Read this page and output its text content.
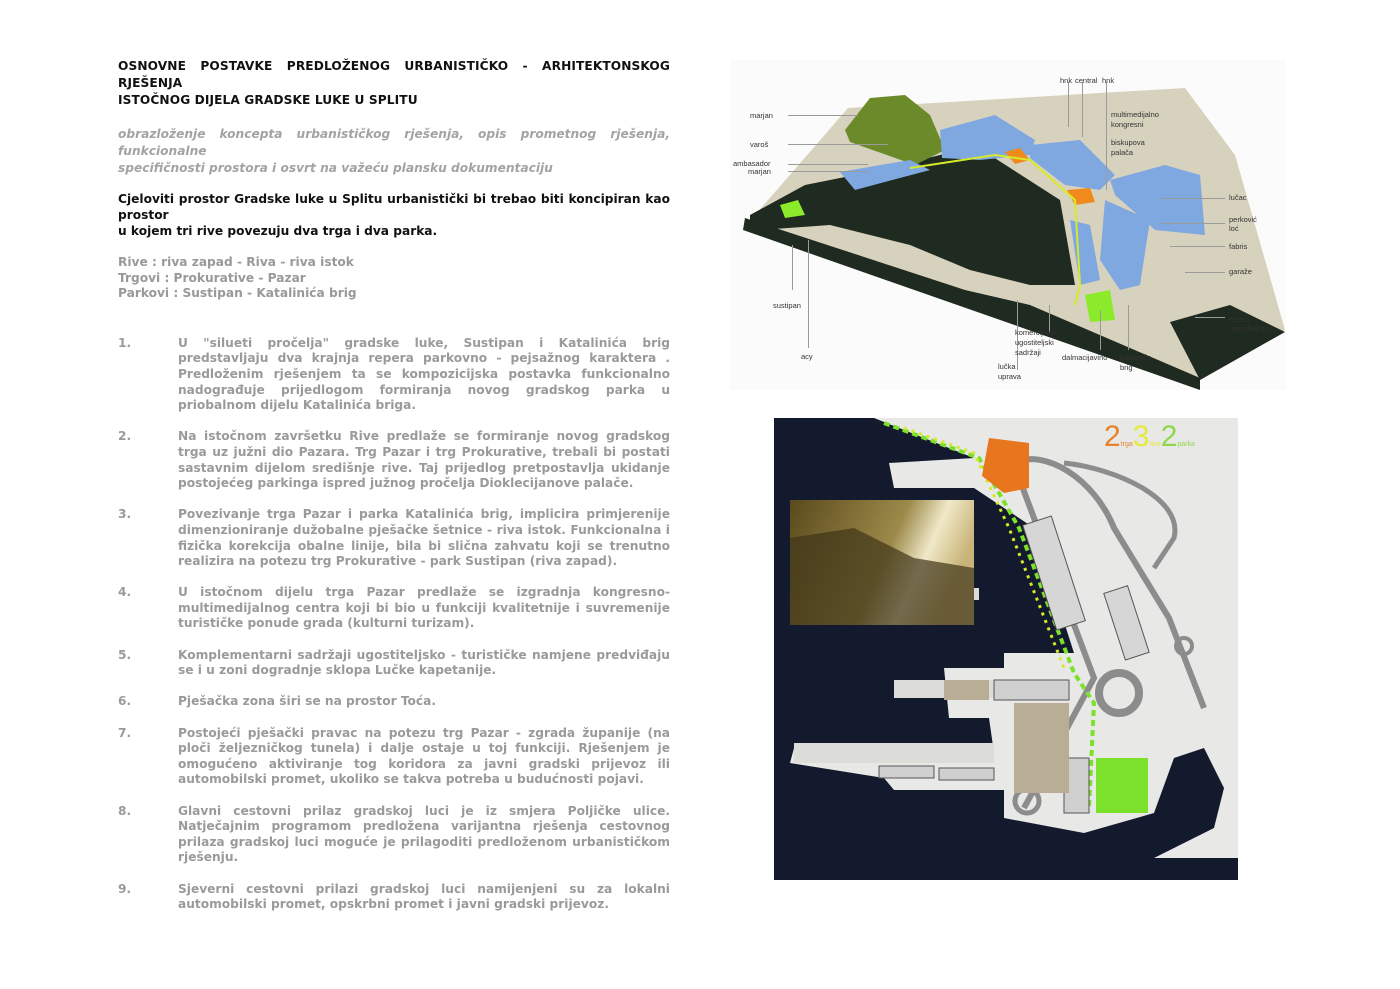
OSNOVNE POSTAVKE PREDLOŽENOG URBANISTIČKO - ARHITEKTONSKOG RJEŠENJA
ISTOČNOG DIJELA GRADSKE LUKE U SPLITU
obrazloženje koncepta urbanističkog rješenja, opis prometnog rješenja, funkcionalne
specifičnosti prostora i osvrt na važeću plansku dokumentaciju
Cjeloviti prostor Gradske luke u Splitu urbanistički bi trebao biti koncipiran kao prostor
u kojem tri rive povezuju dva trga i dva parka.
Rive : riva zapad - Riva - riva istok
Trgovi : Prokurative - Pazar
Parkovi : Sustipan - Katalinića brig
1.	U "silueti pročelja" gradske luke, Sustipan i Katalinića brig predstavljaju dva krajnja repera parkovno - pejsažnog karaktera . Predloženim rješenjem ta se kompozicijska postavka funkcionalno nadograđuje prijedlogom formiranja novog gradskog parka u priobalnom dijelu Katalinića briga.
2.	Na istočnom završetku Rive predlaže se formiranje novog gradskog trga uz južni dio Pazara. Trg Pazar i trg Prokurative, trebali bi postati sastavnim dijelom središnje rive. Taj prijedlog pretpostavlja ukidanje postojećeg parkinga ispred južnog pročelja Dioklecijanove palače.
3.	Povezivanje trga Pazar i parka Katalinića brig, implicira primjerenije dimenzioniranje dužobalne pješačke šetnice - riva istok. Funkcionalna i fizička korekcija obalne linije, bila bi slična zahvatu koji se trenutno realizira na potezu trg Prokurative - park Sustipan (riva zapad).
4.	U istočnom dijelu trga Pazar predlaže se izgradnja kongresno-multimedijalnog centra koji bi bio u funkciji kvalitetnije i suvremenije turističke ponude grada (kulturni turizam).
5.	Komplementarni sadržaji ugostiteljsko - turističke namjene predviđaju se i u zoni dogradnje sklopa Lučke kapetanije.
6.	Pješačka zona širi se na prostor Toća.
7.	Postojeći pješački pravac na potezu trg Pazar - zgrada županije (na ploči željezničkog tunela) i dalje ostaje u toj funkciji. Rješenjem je omogućeno aktiviranje tog koridora za javni gradski prijevoz ili automobilski promet, ukoliko se takva potreba u budućnosti pojavi.
8.	Glavni cestovni prilaz gradskoj luci je iz smjera Poljičke ulice. Natječajnim programom predložena varijantna rješenja cestovnog prilaza gradskoj luci moguće je prilagoditi predloženom urbanističkom rješenju.
9.	Sjeverni cestovni prilazi gradskoj luci namijenjeni su za lokalni automobilski promet, opskrbni promet i javni gradski prijevoz.
marjan
varoš
ambasador
marjan
sustipan
acy
hnk central hnk
multimedijalno
kongresni
biskupova
palača
lučac
perković
loć
fabris
garaže
terasa
ugostiteljstvo
komercijalno
ugostiteljski
sadržaji
lučka
uprava
dalmacijavino katalinića
brig
2trga3rive2parka
